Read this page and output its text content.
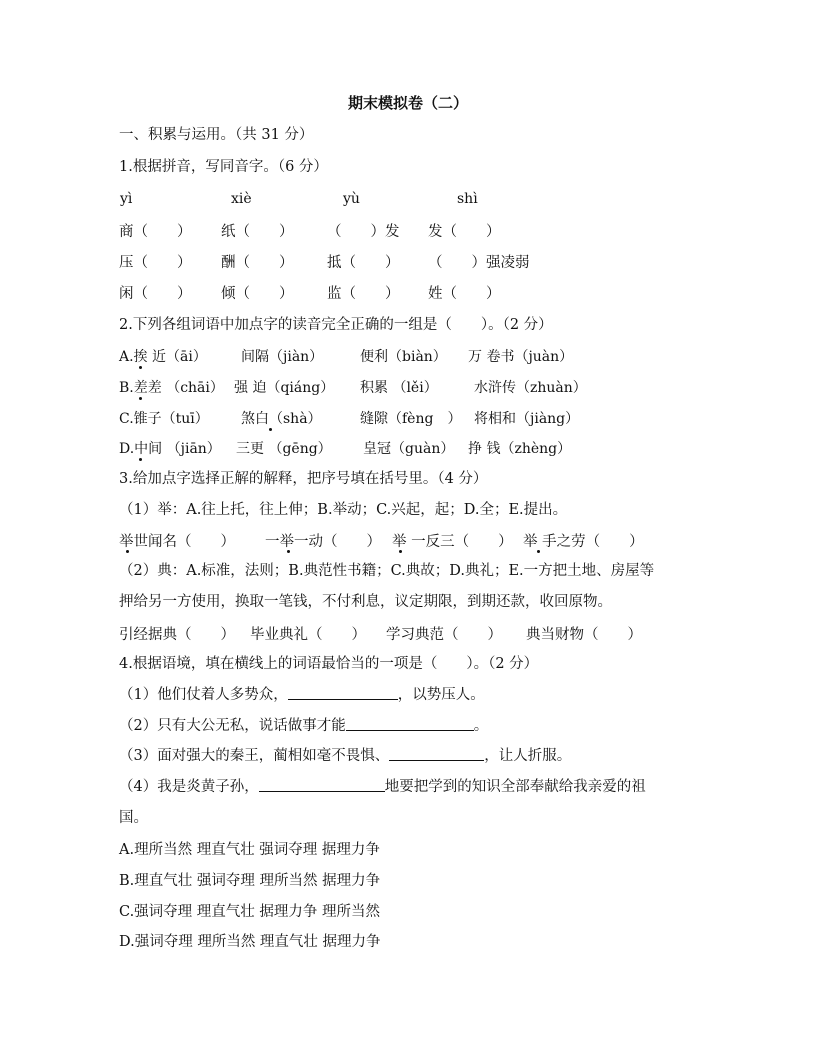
期末模拟卷（二）
一、积累与运用。（共 31 分）
1.根据拼音，写同音字。（6 分）
yì	xiè	yù	shì
商（　　） 纸（　　） （　　）发 发（　　）
压（　　） 酬（　　） 抵（　　） （　　）强凌弱
闲（　　） 倾（　　） 监（　　） 姓（　　）
2.下列各组词语中加点字的读音完全正确的一组是（　　）。（2 分）
A.挨 近（āi） 间隔（jiàn）	便利（biàn） 万 卷书（juàn）
B.差差 （chāi） 强 迫（qiáng） 积累 （lěi）	水浒传（zhuàn）
C.锥子（tuī） 煞白（shà）	缝隙（fèng　） 将相和（jiàng）
D.中间 （jiān） 三更 （gēng） 皇冠（guàn） 挣 钱（zhèng）
3.给加点字选择正解的解释，把序号填在括号里。（4 分）
（1）举：A.往上托，往上伸；B.举动；C.兴起，起；D.全；E.提出。
举世闻名（　　） 一举一动（　　） 举 一反三（　　） 举 手之劳（　　）
（2）典：A.标准，法则；B.典范性书籍；C.典故；D.典礼；E.一方把土地、房屋等
押给另一方使用，换取一笔钱，不付利息，议定期限，到期还款，收回原物。
引经据典（　　） 毕业典礼（　　） 学习典范（　　） 典当财物（　　）
4.根据语境，填在横线上的词语最恰当的一项是（　　）。（2 分）
（1）他们仗着人多势众，	，以势压人。
（2）只有大公无私，说话做事才能	。
（3）面对强大的秦王，蔺相如毫不畏惧、	，让人折服。
（4）我是炎黄子孙，	地要把学到的知识全部奉献给我亲爱的祖
国。
A.理所当然 理直气壮 强词夺理 据理力争
B.理直气壮 强词夺理 理所当然 据理力争
C.强词夺理 理直气壮 据理力争 理所当然
D.强词夺理 理所当然 理直气壮 据理力争
